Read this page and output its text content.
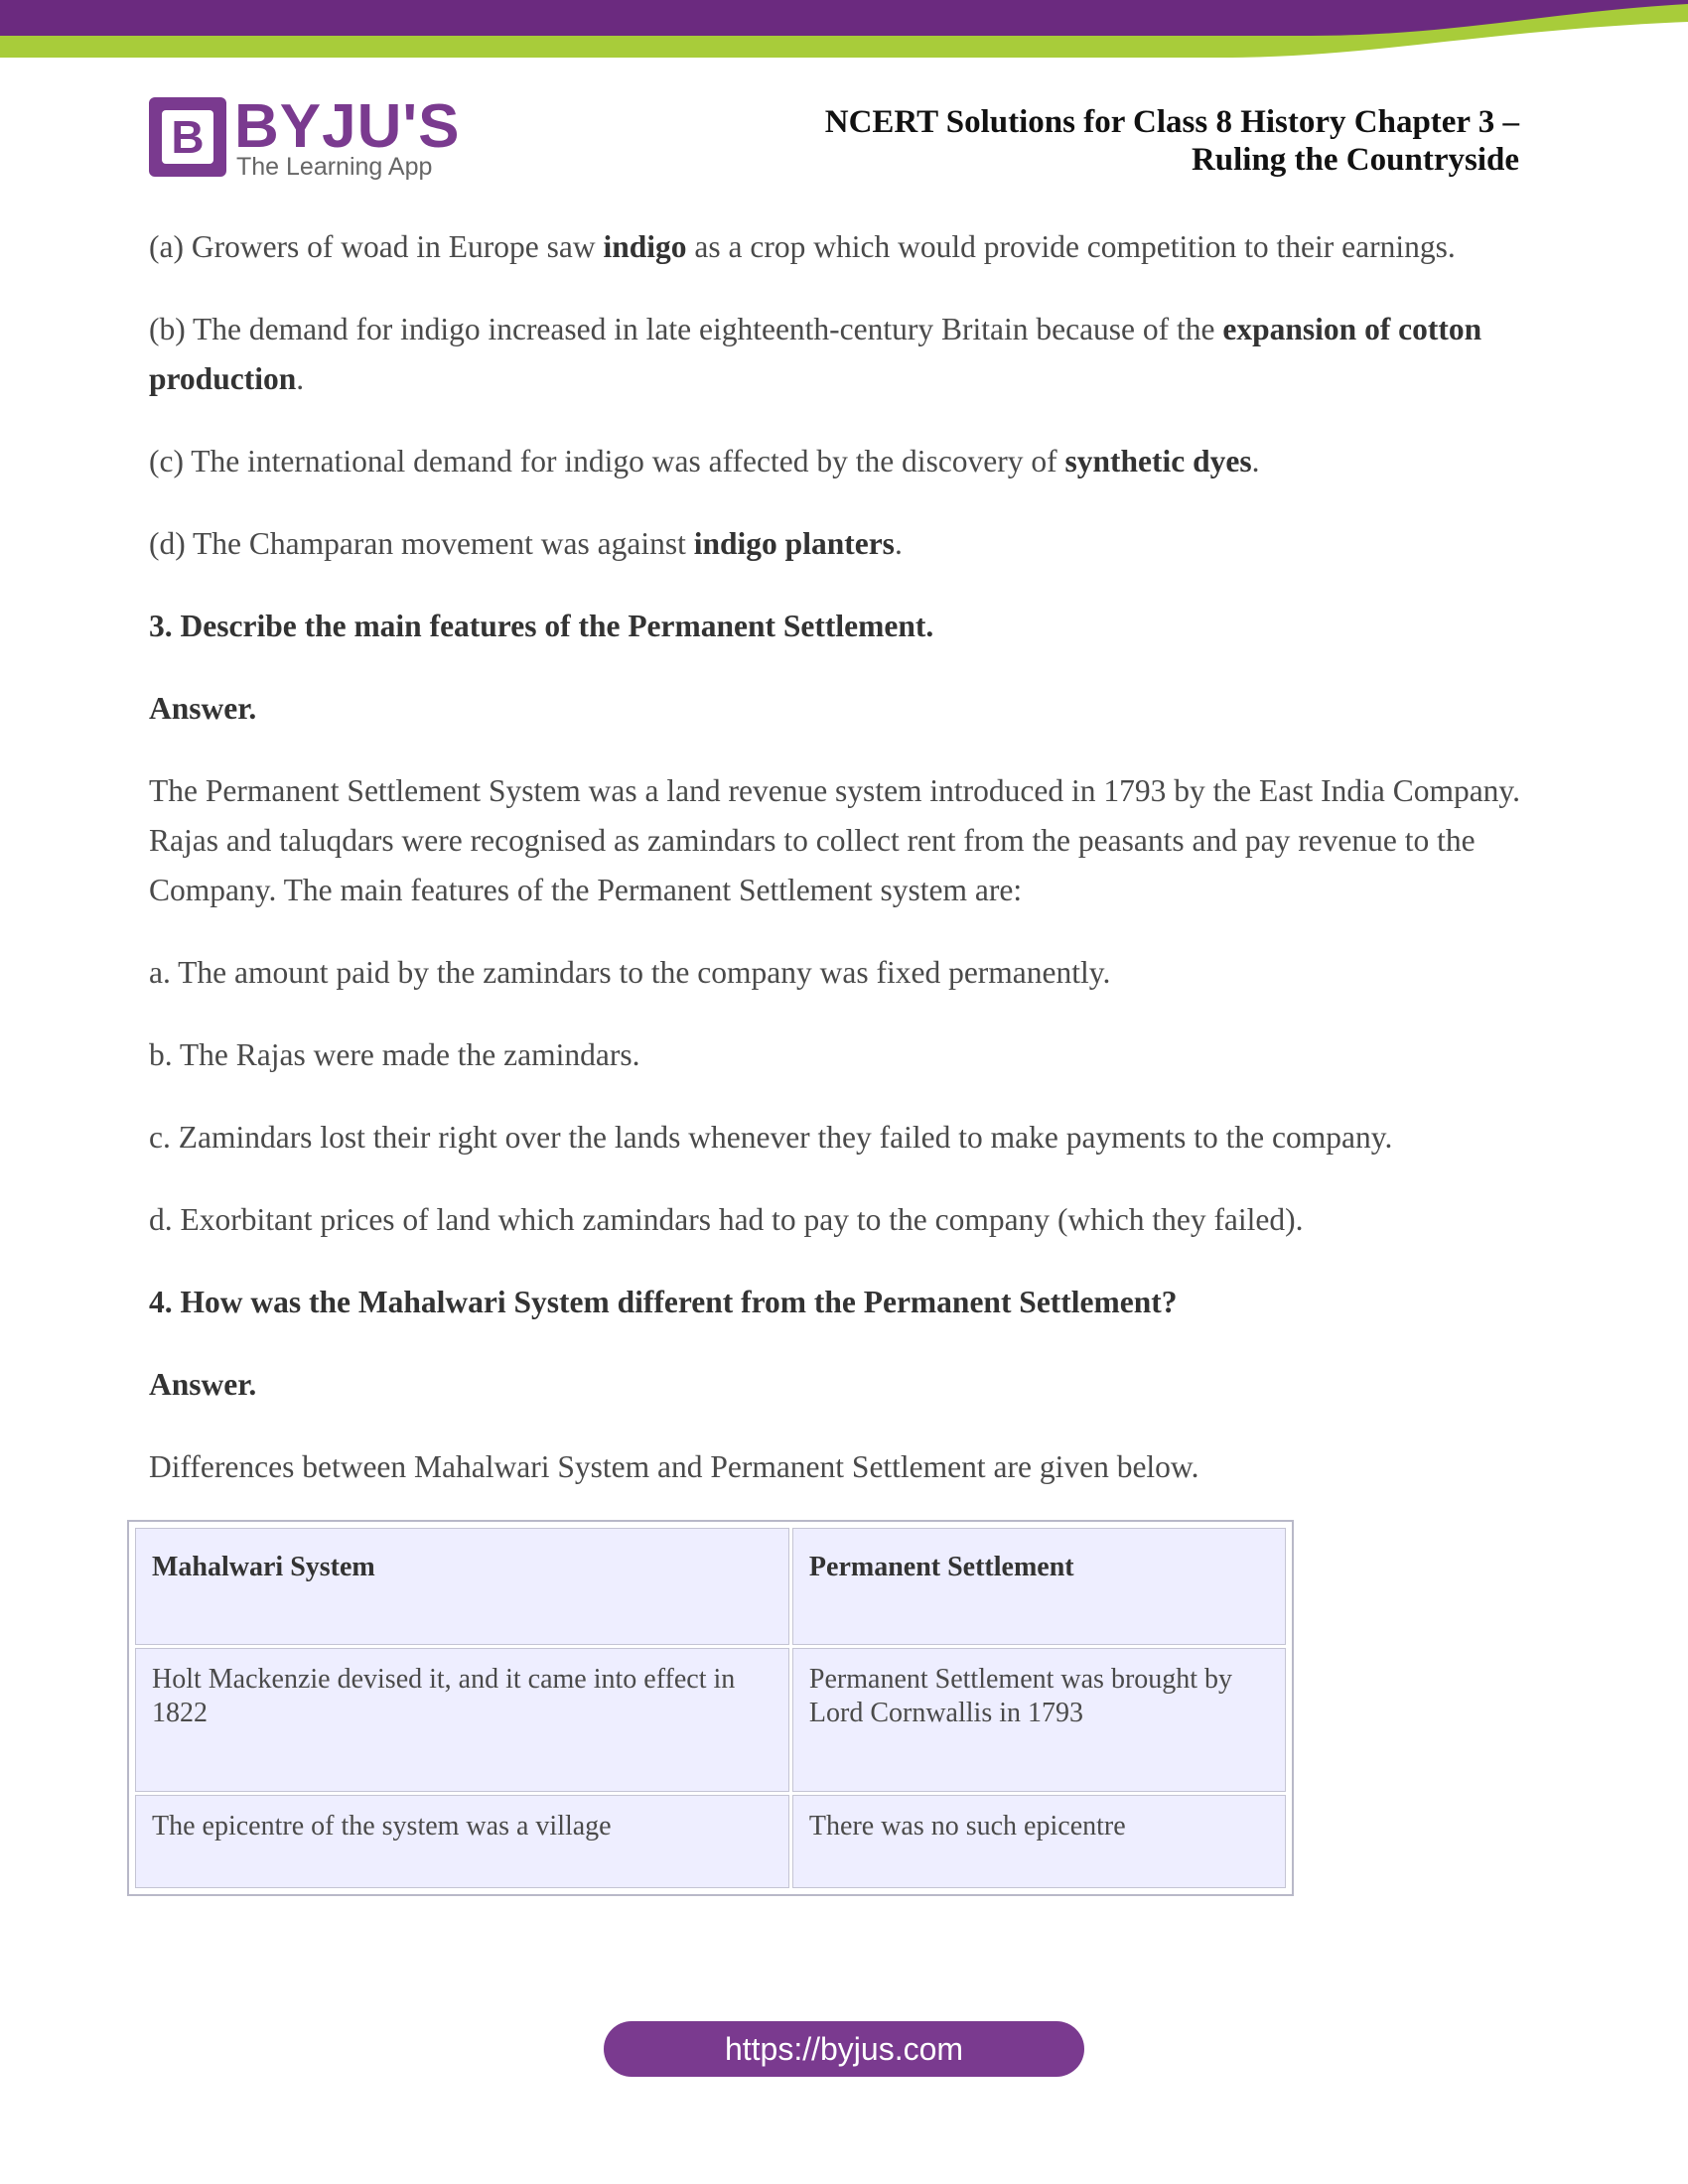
B BYJU'S
The Learning App
NCERT Solutions for Class 8 History Chapter 3 –
Ruling the Countryside

(a) Growers of woad in Europe saw indigo as a crop which would provide competition to their earnings.

(b) The demand for indigo increased in late eighteenth-century Britain because of the expansion of cotton production.

(c) The international demand for indigo was affected by the discovery of synthetic dyes.

(d) The Champaran movement was against indigo planters.

3. Describe the main features of the Permanent Settlement.

Answer.

The Permanent Settlement System was a land revenue system introduced in 1793 by the East India Company. Rajas and taluqdars were recognised as zamindars to collect rent from the peasants and pay revenue to the Company. The main features of the Permanent Settlement system are:

a. The amount paid by the zamindars to the company was fixed permanently.

b. The Rajas were made the zamindars.

c. Zamindars lost their right over the lands whenever they failed to make payments to the company.

d. Exorbitant prices of land which zamindars had to pay to the company (which they failed).

4. How was the Mahalwari System different from the Permanent Settlement?

Answer.

Differences between Mahalwari System and Permanent Settlement are given below.

Mahalwari System	Permanent Settlement
Holt Mackenzie devised it, and it came into effect in 1822	Permanent Settlement was brought by Lord Cornwallis in 1793
The epicentre of the system was a village	There was no such epicentre
https://byjus.com
